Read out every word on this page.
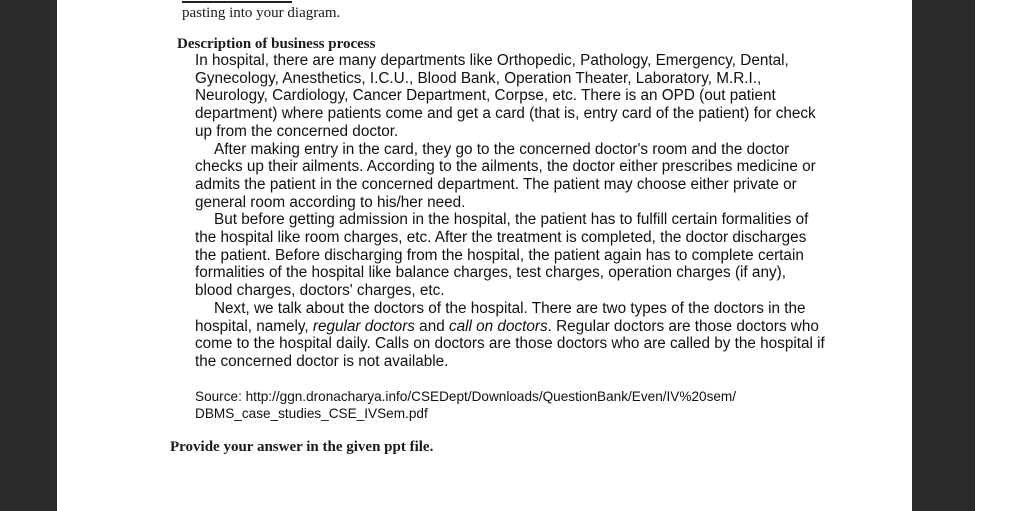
pasting into your diagram.
Description of business process

In hospital, there are many departments like Orthopedic, Pathology, Emergency, Dental, Gynecology, Anesthetics, I.C.U., Blood Bank, Operation Theater, Laboratory, M.R.I., Neurology, Cardiology, Cancer Department, Corpse, etc. There is an OPD (out patient department) where patients come and get a card (that is, entry card of the patient) for check up from the concerned doctor.

After making entry in the card, they go to the concerned doctor's room and the doctor checks up their ailments. According to the ailments, the doctor either prescribes medicine or admits the patient in the concerned department. The patient may choose either private or general room according to his/her need.

But before getting admission in the hospital, the patient has to fulfill certain formalities of the hospital like room charges, etc. After the treatment is completed, the doctor discharges the patient. Before discharging from the hospital, the patient again has to complete certain formalities of the hospital like balance charges, test charges, operation charges (if any), blood charges, doctors' charges, etc.

Next, we talk about the doctors of the hospital. There are two types of the doctors in the hospital, namely, regular doctors and call on doctors. Regular doctors are those doctors who come to the hospital daily. Calls on doctors are those doctors who are called by the hospital if the concerned doctor is not available.

Source: http://ggn.dronacharya.info/CSEDept/Downloads/QuestionBank/Even/IV%20sem/
DBMS_case_studies_CSE_IVSem.pdf
Provide your answer in the given ppt file.
